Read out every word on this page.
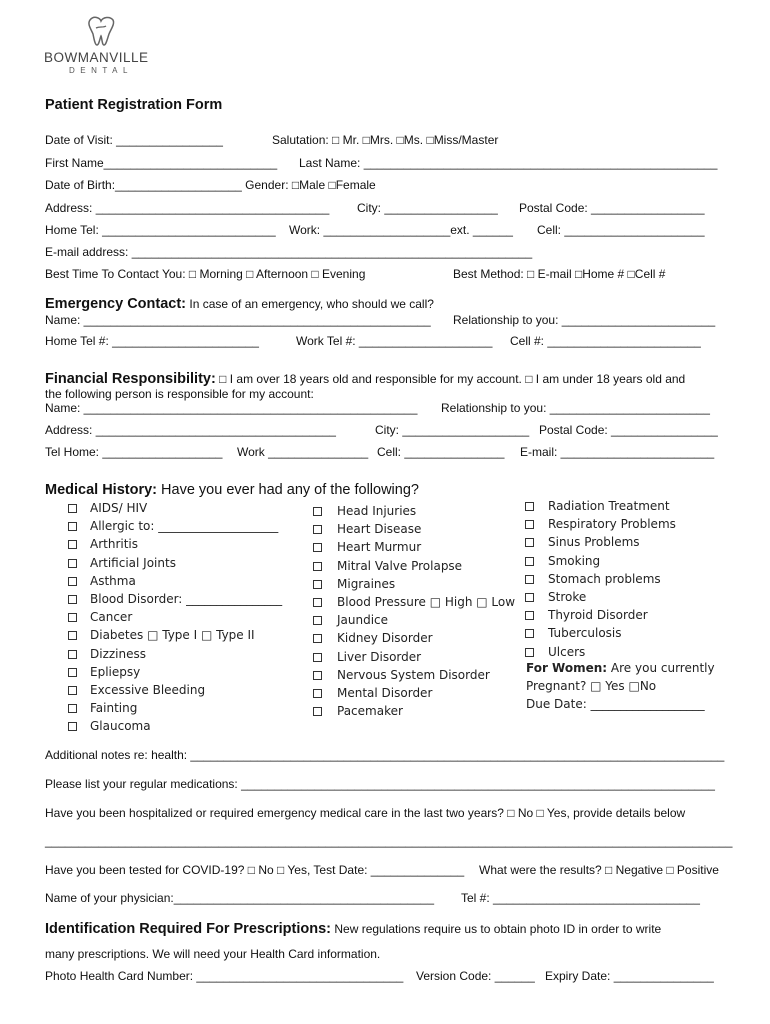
BOWMANVILLE
DENTAL
Patient Registration Form
Date of Visit: ________________	Salutation: □ Mr. □Mrs. □Ms. □Miss/Master
First Name__________________________ Last Name: _____________________________________________________
Date of Birth:___________________ Gender: □Male □Female
Address: ___________________________________ City: _________________ Postal Code: _________________
Home Tel: __________________________ Work: ___________________ext. ______ Cell: _____________________
E-mail address: ____________________________________________________________
Best Time To Contact You: □ Morning □ Afternoon □ Evening	Best Method: □ E-mail □Home # □Cell #
Emergency Contact: In case of an emergency, who should we call?
Name: ____________________________________________________ Relationship to you: _______________________
Home Tel #: ______________________	Work Tel #: ____________________ Cell #: _______________________
Financial Responsibility: □ I am over 18 years old and responsible for my account. □ I am under 18 years old and
the following person is responsible for my account:
Name: __________________________________________________ Relationship to you: ________________________
Address: ____________________________________	City: ___________________ Postal Code: ________________
Tel Home: __________________ Work _______________ Cell: _______________ E-mail: _______________________
Medical History: Have you ever had any of the following?
AIDS/ HIV
Allergic to: ____________________
Arthritis
Artificial Joints
Asthma
Blood Disorder: ________________
Cancer
Diabetes □ Type I □ Type II
Dizziness
Epliepsy
Excessive Bleeding
Fainting
Glaucoma
Head Injuries
Heart Disease
Heart Murmur
Mitral Valve Prolapse
Migraines
Blood Pressure □ High □ Low
Jaundice
Kidney Disorder
Liver Disorder
Nervous System Disorder
Mental Disorder
Pacemaker
Radiation Treatment
Respiratory Problems
Sinus Problems
Smoking
Stomach problems
Stroke
Thyroid Disorder
Tuberculosis
Ulcers
For Women: Are you currently
Pregnant? □ Yes □No
Due Date: ___________________
Additional notes re: health: ________________________________________________________________________________
Please list your regular medications: _______________________________________________________________________
Have you been hospitalized or required emergency medical care in the last two years? □ No □ Yes, provide details below
_______________________________________________________________________________________________________
Have you been tested for COVID-19? □ No □ Yes, Test Date: ______________ What were the results? □ Negative □ Positive
Name of your physician:_______________________________________ Tel #: _______________________________
Identification Required For Prescriptions: New regulations require us to obtain photo ID in order to write
many prescriptions. We will need your Health Card information.
Photo Health Card Number: _______________________________ Version Code: ______ Expiry Date: _______________
